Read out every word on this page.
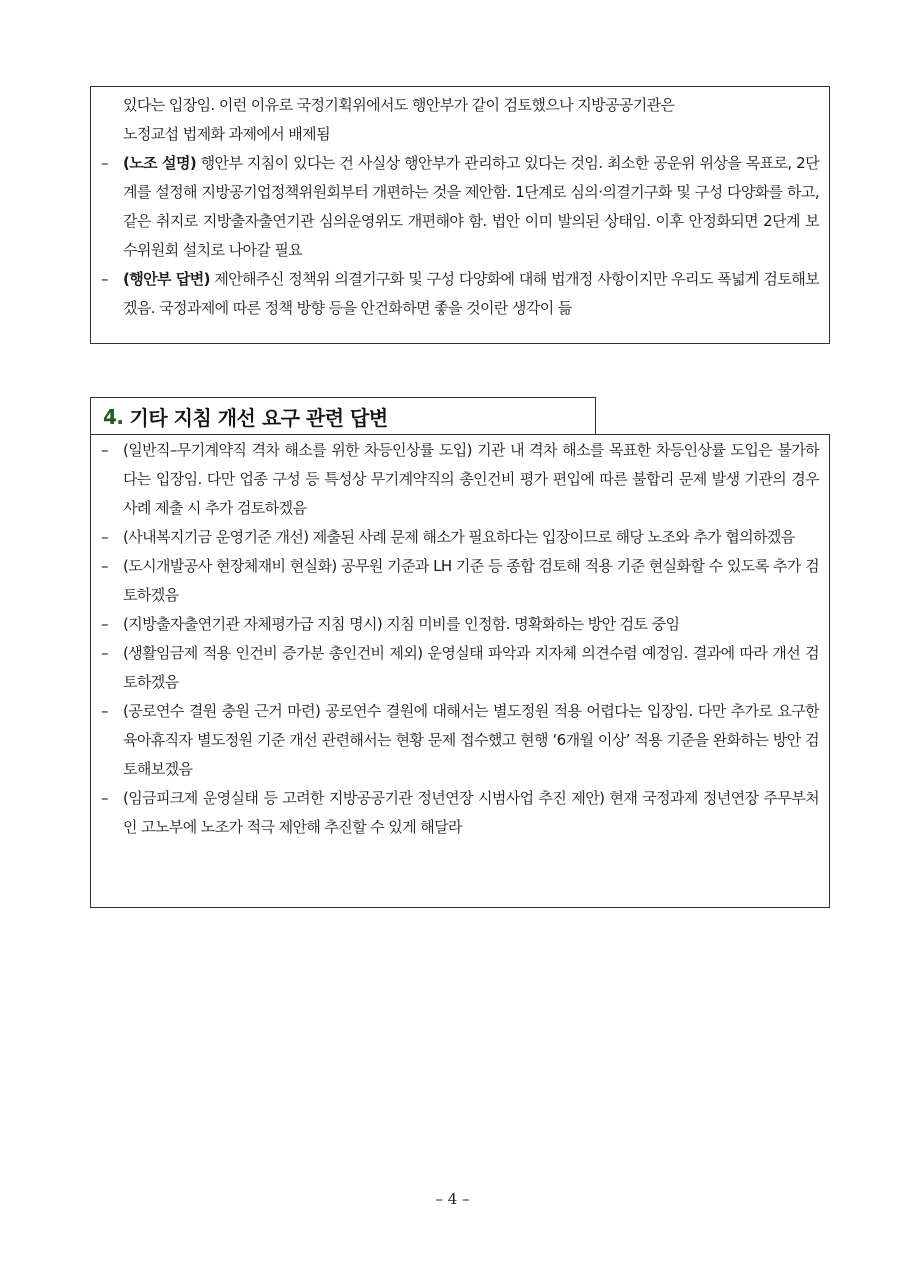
있다는 입장임. 이런 이유로 국정기획위에서도 행안부가 같이 검토했으나 지방공공기관은

노정교섭 법제화 과제에서 배제됨

– (노조 설명) 행안부 지침이 있다는 건 사실상 행안부가 관리하고 있다는 것임. 최소한 공운위 위상을 목표로, 2단계를 설정해 지방공기업정책위원회부터 개편하는 것을 제안함. 1단계로 심의·의결기구화 및 구성 다양화를 하고, 같은 취지로 지방출자출연기관 심의운영위도 개편해야 함. 법안 이미 발의된 상태임. 이후 안정화되면 2단계 보수위원회 설치로 나아갈 필요

– (행안부 답변) 제안해주신 정책위 의결기구화 및 구성 다양화에 대해 법개정 사항이지만 우리도 폭넓게 검토해보겠음. 국정과제에 따른 정책 방향 등을 안건화하면 좋을 것이란 생각이 듦

4. 기타 지침 개선 요구 관련 답변

– (일반직–무기계약직 격차 해소를 위한 차등인상률 도입) 기관 내 격차 해소를 목표한 차등인상률 도입은 불가하다는 입장임. 다만 업종 구성 등 특성상 무기계약직의 총인건비 평가 편입에 따른 불합리 문제 발생 기관의 경우 사례 제출 시 추가 검토하겠음

– (사내복지기금 운영기준 개선) 제출된 사례 문제 해소가 필요하다는 입장이므로 해당 노조와 추가 협의하겠음

– (도시개발공사 현장체재비 현실화) 공무원 기준과 LH 기준 등 종합 검토해 적용 기준 현실화할 수 있도록 추가 검토하겠음

– (지방출자출연기관 자체평가급 지침 명시) 지침 미비를 인정함. 명확화하는 방안 검토 중임

– (생활임금제 적용 인건비 증가분 총인건비 제외) 운영실태 파악과 지자체 의견수렴 예정임. 결과에 따라 개선 검토하겠음

– (공로연수 결원 충원 근거 마련) 공로연수 결원에 대해서는 별도정원 적용 어렵다는 입장임. 다만 추가로 요구한 육아휴직자 별도정원 기준 개선 관련해서는 현황 문제 접수했고 현행 ‘6개월 이상’ 적용 기준을 완화하는 방안 검토해보겠음

– (임금피크제 운영실태 등 고려한 지방공공기관 정년연장 시범사업 추진 제안) 현재 국정과제 정년연장 주무부처인 고노부에 노조가 적극 제안해 추진할 수 있게 해달라

– 4 –
